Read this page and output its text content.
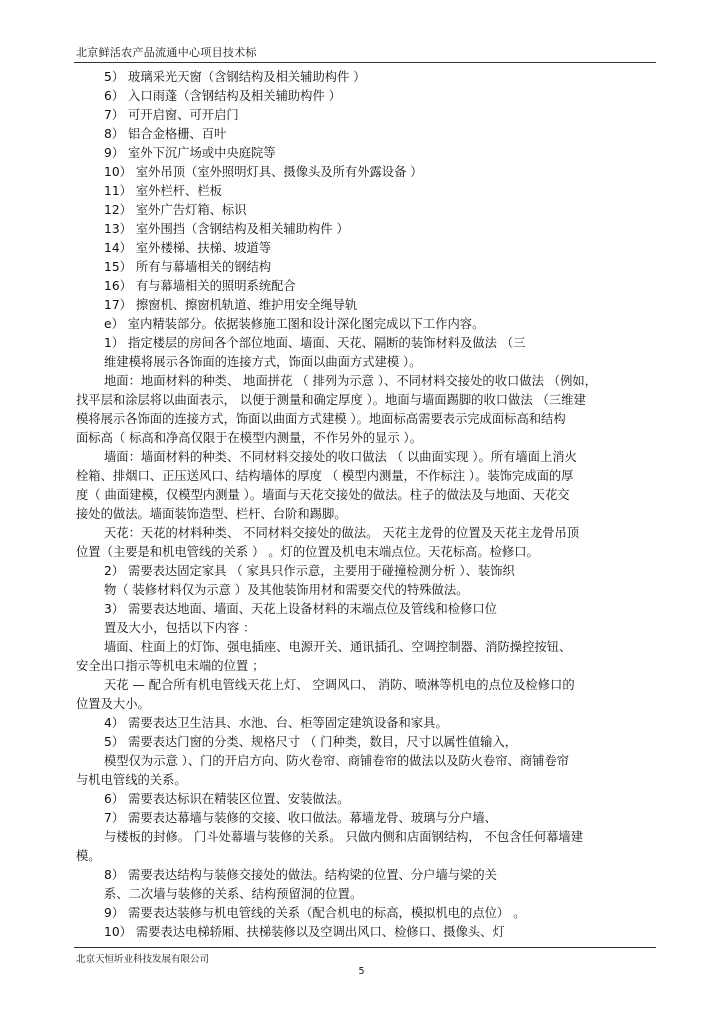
北京鲜活农产品流通中心项目技术标
5） 玻璃采光天窗（含钢结构及相关辅助构件 ）
6） 入口雨蓬（含钢结构及相关辅助构件 ）
7） 可开启窗、可开启门
8） 铝合金格栅、百叶
9） 室外下沉广场或中央庭院等
10） 室外吊顶（室外照明灯具、摄像头及所有外露设备 ）
11） 室外栏杆、栏板
12） 室外广告灯箱、标识
13） 室外围挡（含钢结构及相关辅助构件 ）
14） 室外楼梯、扶梯、坡道等
15） 所有与幕墙相关的钢结构
16） 有与幕墙相关的照明系统配合
17） 擦窗机、擦窗机轨道、维护用安全绳导轨
e） 室内精装部分。依据装修施工图和设计深化图完成以下工作内容。
1） 指定楼层的房间各个部位地面、墙面、天花、隔断的装饰材料及做法 （三
维建模将展示各饰面的连接方式，饰面以曲面方式建模 ）。
地面：地面材料的种类、 地面拼花 （ 排列为示意 ）、不同材料交接处的收口做法 （例如，
找平层和涂层将以曲面表示， 以便于测量和确定厚度 ）。地面与墙面踢脚的收口做法 （三维建
模将展示各饰面的连接方式，饰面以曲面方式建模 ）。地面标高需要表示完成面标高和结构
面标高（ 标高和净高仅限于在模型内测量，不作另外的显示 ）。
墙面：墙面材料的种类、不同材料交接处的收口做法 （ 以曲面实现 ）。所有墙面上消火
栓箱、排烟口、正压送风口、结构墙体的厚度 （ 模型内测量，不作标注 ）。装饰完成面的厚
度（ 曲面建模，仅模型内测量 ）。墙面与天花交接处的做法。柱子的做法及与地面、天花交
接处的做法。墙面装饰造型、栏杆、台阶和踢脚。
天花：天花的材料种类、 不同材料交接处的做法。 天花主龙骨的位置及天花主龙骨吊顶
位置（主要是和机电管线的关系 ） 。灯的位置及机电末端点位。天花标高。检修口。
2） 需要表达固定家具 （ 家具只作示意，主要用于碰撞检测分析 ）、装饰织
物（ 装修材料仅为示意 ）及其他装饰用材和需要交代的特殊做法。
3） 需要表达地面、墙面、天花上设备材料的末端点位及管线和检修口位
置及大小，包括以下内容 ：
墙面、柱面上的灯饰、强电插座、电源开关、通讯插孔、空调控制器、消防操控按钮、
安全出口指示等机电末端的位置 ；
天花 — 配合所有机电管线天花上灯、 空调风口、 消防、喷淋等机电的点位及检修口的
位置及大小。
4） 需要表达卫生洁具、水池、台、柜等固定建筑设备和家具。
5） 需要表达门窗的分类、规格尺寸 （ 门种类，数目，尺寸以属性值输入，
模型仅为示意 ）、门的开启方向、防火卷帘、商铺卷帘的做法以及防火卷帘、商铺卷帘
与机电管线的关系。
6） 需要表达标识在精装区位置、安装做法。
7） 需要表达幕墙与装修的交接、收口做法。幕墙龙骨、玻璃与分户墙、
与楼板的封修。 门斗处幕墙与装修的关系。 只做内侧和店面钢结构， 不包含任何幕墙建
模。
8） 需要表达结构与装修交接处的做法。结构梁的位置、分户墙与梁的关
系、二次墙与装修的关系、结构预留洞的位置。
9） 需要表达装修与机电管线的关系（配合机电的标高，模拟机电的点位） 。
10） 需要表达电梯轿厢、扶梯装修以及空调出风口、检修口、摄像头、灯
北京天恒圻业科技发展有限公司
5
